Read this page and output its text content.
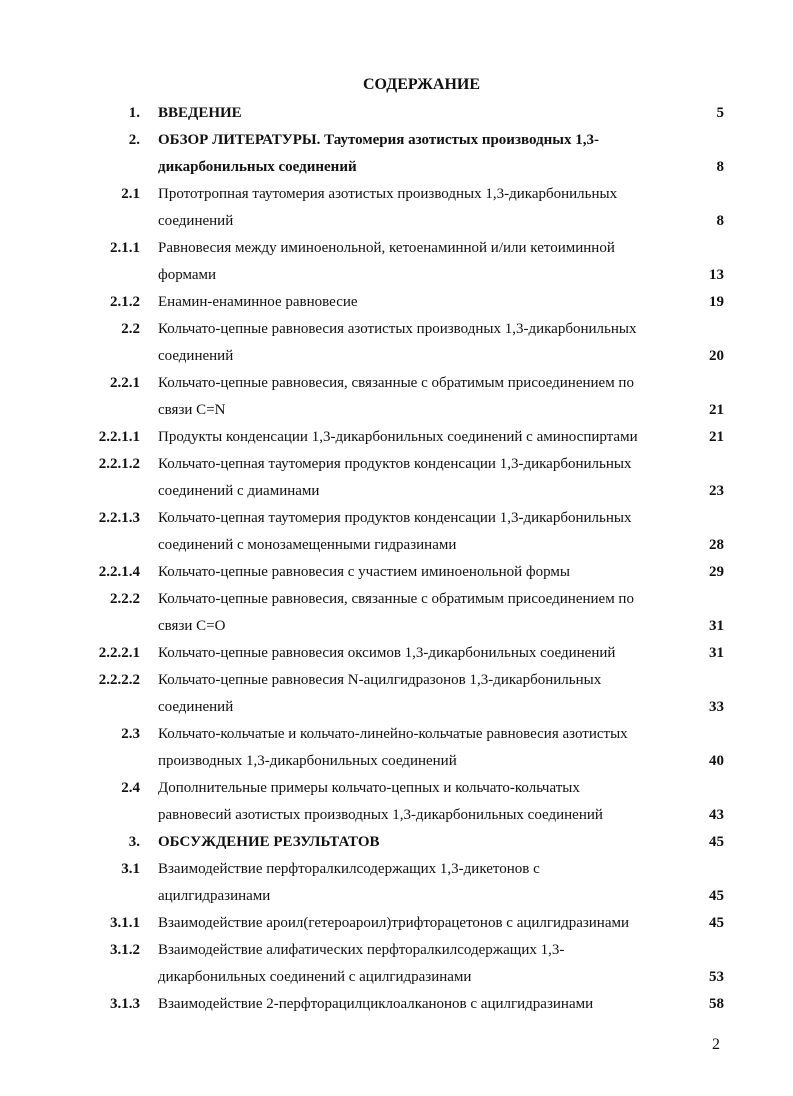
СОДЕРЖАНИЕ
1. ВВЕДЕНИЕ	5
2. ОБЗОР ЛИТЕРАТУРЫ. Таутомерия азотистых производных 1,3-
дикарбонильных соединений	8
2.1 Прототропная таутомерия азотистых производных 1,3-дикарбонильных
соединений	8
2.1.1 Равновесия между иминоенольной, кетоенаминной и/или кетоиминной
формами	13
2.1.2 Енамин-енаминное равновесие	19
2.2 Кольчато-цепные равновесия азотистых производных 1,3-дикарбонильных
соединений	20
2.2.1 Кольчато-цепные равновесия, связанные с обратимым присоединением по
связи C=N	21
2.2.1.1 Продукты конденсации 1,3-дикарбонильных соединений с аминоспиртами	21
2.2.1.2 Кольчато-цепная таутомерия продуктов конденсации 1,3-дикарбонильных
соединений с диаминами	23
2.2.1.3 Кольчато-цепная таутомерия продуктов конденсации 1,3-дикарбонильных
соединений с монозамещенными гидразинами	28
2.2.1.4 Кольчато-цепные равновесия с участием иминоенольной формы	29
2.2.2 Кольчато-цепные равновесия, связанные с обратимым присоединением по
связи C=O	31
2.2.2.1 Кольчато-цепные равновесия оксимов 1,3-дикарбонильных соединений	31
2.2.2.2 Кольчато-цепные равновесия N-ацилгидразонов 1,3-дикарбонильных
соединений	33
2.3 Кольчато-кольчатые и кольчато-линейно-кольчатые равновесия азотистых
производных 1,3-дикарбонильных соединений	40
2.4 Дополнительные примеры кольчато-цепных и кольчато-кольчатых
равновесий азотистых производных 1,3-дикарбонильных соединений	43
3. ОБСУЖДЕНИЕ РЕЗУЛЬТАТОВ	45
3.1 Взаимодействие перфторалкилсодержащих 1,3-дикетонов с
ацилгидразинами	45
3.1.1 Взаимодействие ароил(гетероароил)трифторацетонов с ацилгидразинами	45
3.1.2 Взаимодействие алифатических перфторалкилсодержащих 1,3-
дикарбонильных соединений с ацилгидразинами	53
3.1.3 Взаимодействие 2-перфторацилциклоалканонов с ацилгидразинами	58
2
